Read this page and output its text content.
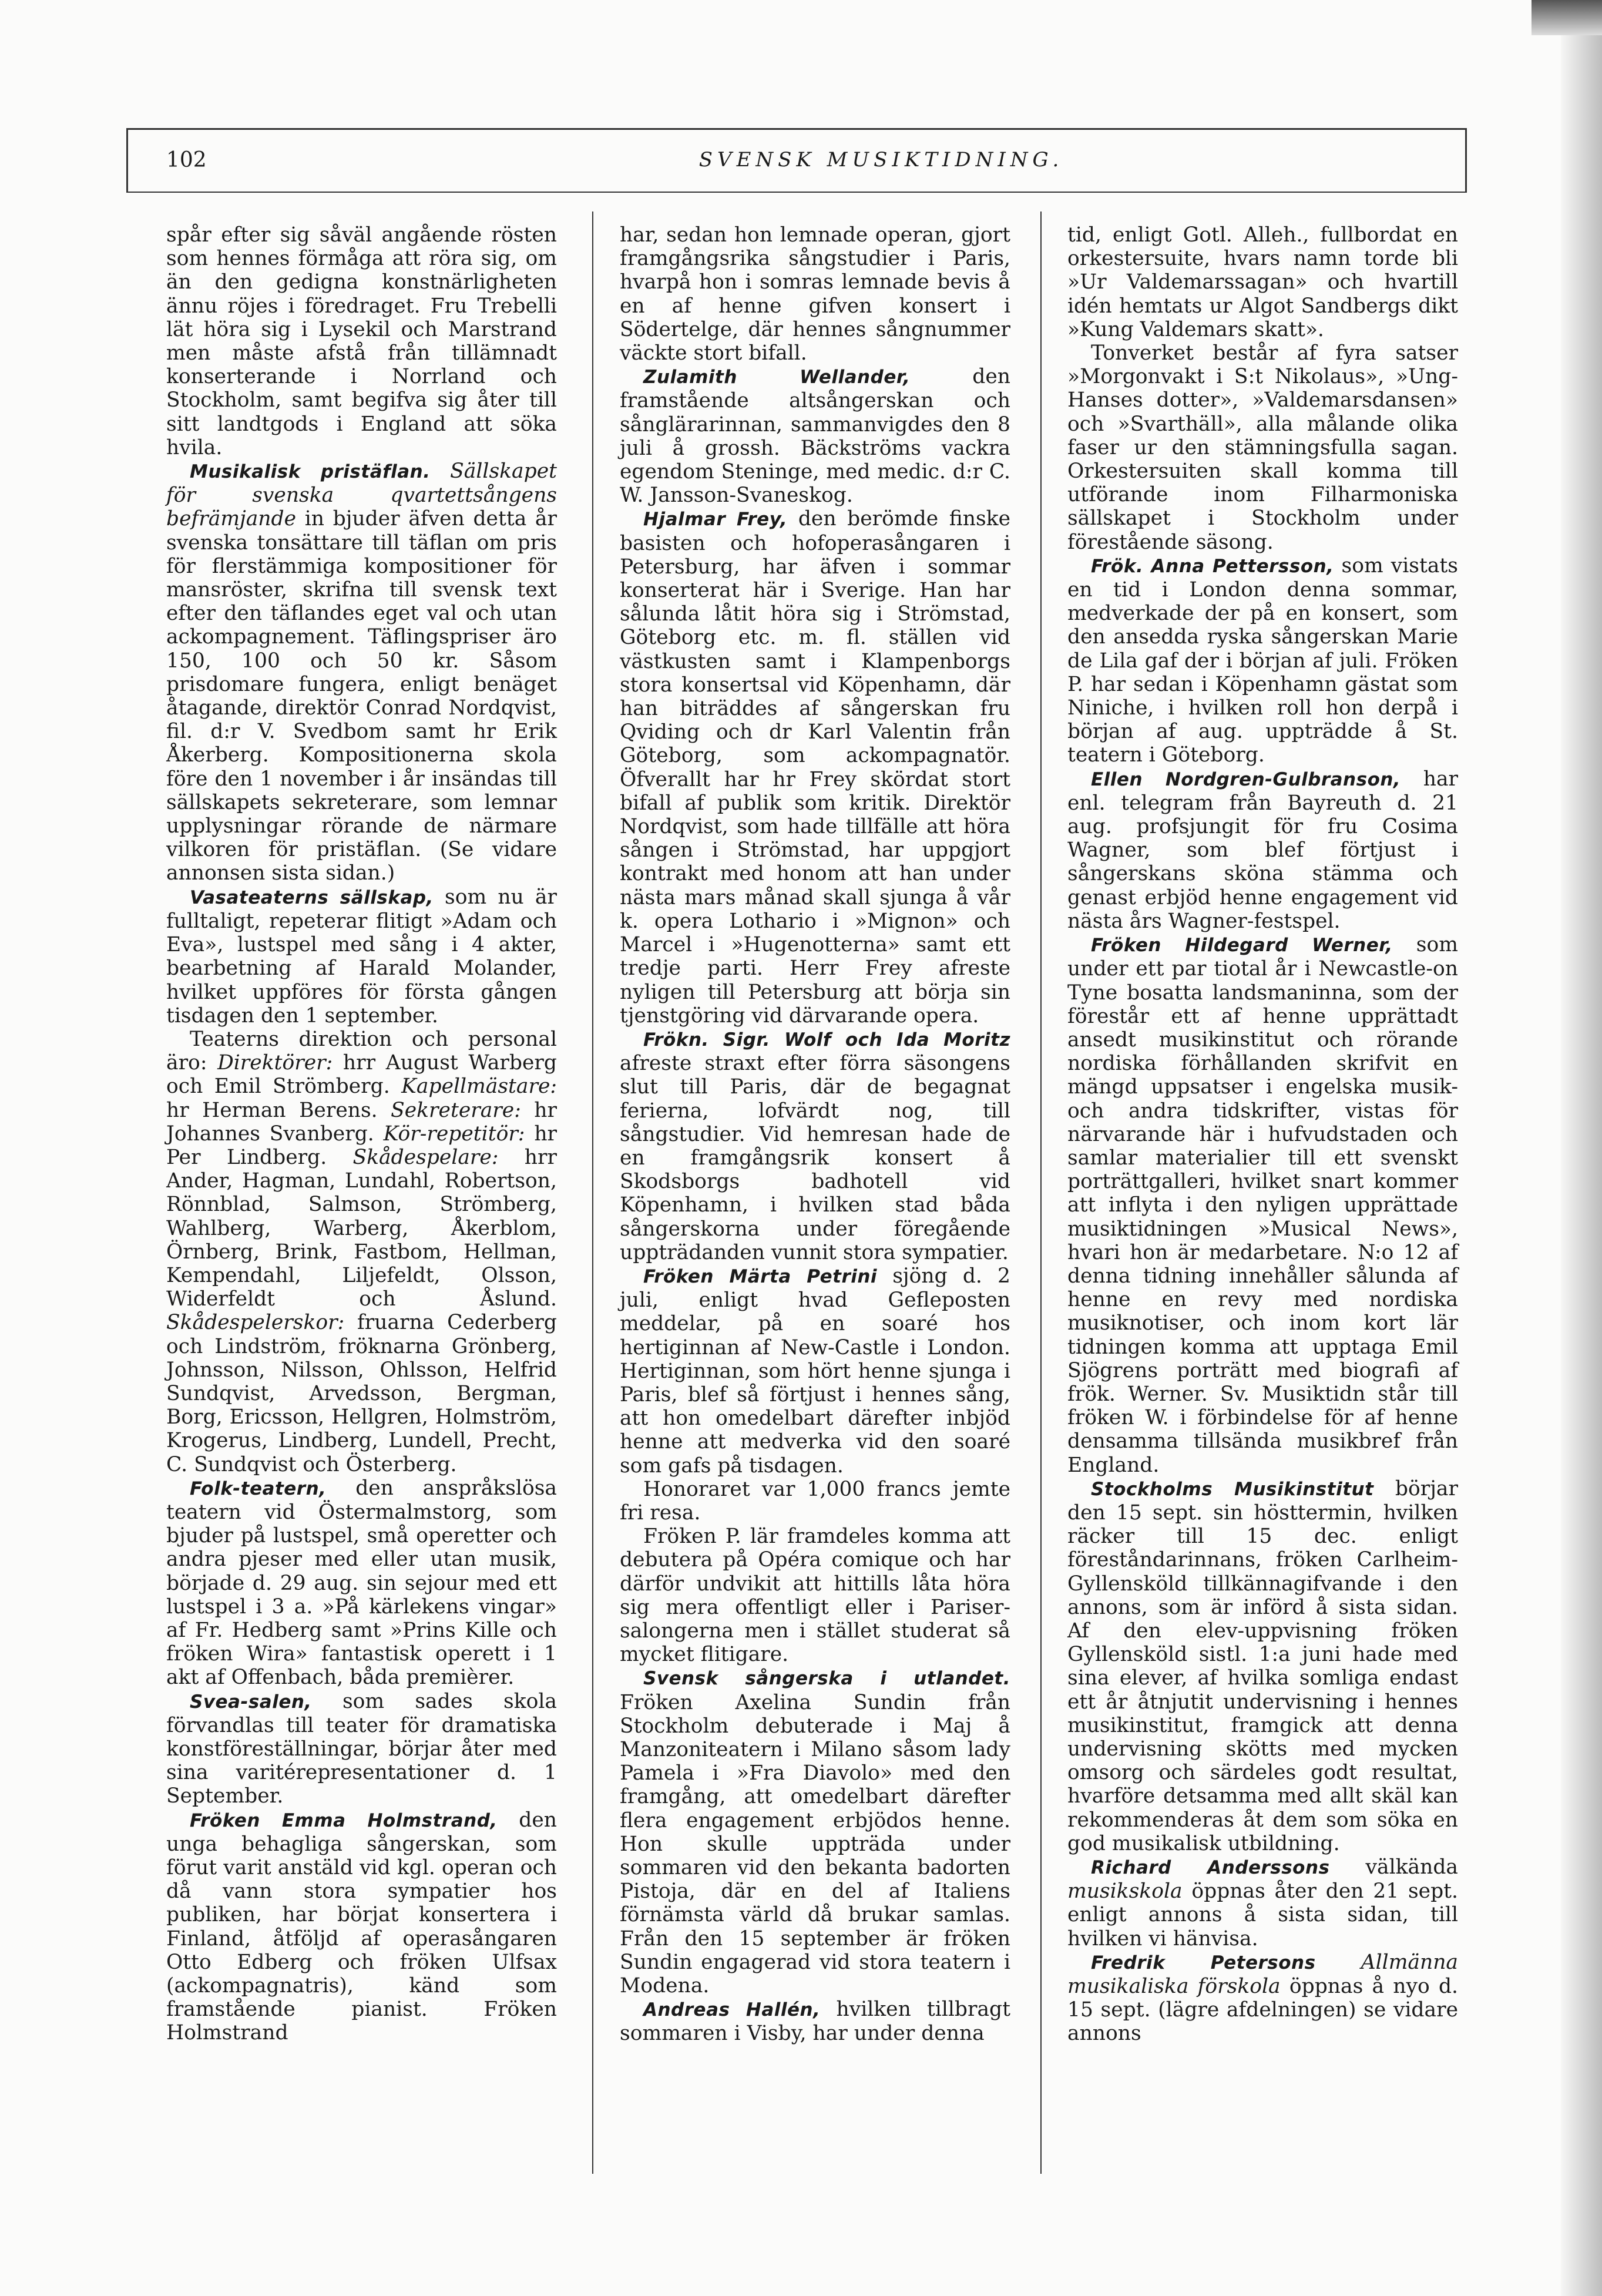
102	SVENSK MUSIKTIDNING.

spår efter sig såväl angående rösten som hennes förmåga att röra sig, om än den gedigna konstnärligheten ännu röjes i föredraget. Fru Trebelli lät höra sig i Lysekil och Marstrand men måste afstå från tillämnadt konserterande i Norrland och Stockholm, samt begifva sig åter till sitt landtgods i England att söka hvila.

Musikalisk pristäflan. Sällskapet för svenska qvartettsångens befrämjande in bjuder äfven detta år svenska tonsättare till täflan om pris för flerstämmiga kompositioner för mansröster, skrifna till svensk text efter den täflandes eget val och utan ackompagnement. Täflingspriser äro 150, 100 och 50 kr. Såsom prisdomare fungera, enligt benäget åtagande, direktör Conrad Nordqvist, fil. d:r V. Svedbom samt hr Erik Åkerberg. Kompositionerna skola före den 1 november i år insändas till sällskapets sekreterare, som lemnar upplysningar rörande de närmare vilkoren för pristäflan. (Se vidare annonsen sista sidan.)

Vasateaterns sällskap, som nu är fulltaligt, repeterar flitigt »Adam och Eva», lustspel med sång i 4 akter, bearbetning af Harald Molander, hvilket uppföres för första gången tisdagen den 1 september.

Teaterns direktion och personal äro: Direktörer: hrr August Warberg och Emil Strömberg. Kapellmästare: hr Herman Berens. Sekreterare: hr Johannes Svanberg. Kör-repetitör: hr Per Lindberg. Skådespelare: hrr Ander, Hagman, Lundahl, Robertson, Rönnblad, Salmson, Strömberg, Wahlberg, Warberg, Åkerblom, Örnberg, Brink, Fastbom, Hellman, Kempendahl, Liljefeldt, Olsson, Widerfeldt och Åslund. Skådespelerskor: fruarna Cederberg och Lindström, fröknarna Grönberg, Johnsson, Nilsson, Ohlsson, Helfrid Sundqvist, Arvedsson, Bergman, Borg, Ericsson, Hellgren, Holmström, Krogerus, Lindberg, Lundell, Precht, C. Sundqvist och Österberg.

Folk-teatern, den anspråkslösa teatern vid Östermalmstorg, som bjuder på lustspel, små operetter och andra pjeser med eller utan musik, började d. 29 aug. sin sejour med ett lustspel i 3 a. »På kärlekens vingar» af Fr. Hedberg samt »Prins Kille och fröken Wira» fantastisk operett i 1 akt af Offenbach, båda premièrer.

Svea-salen, som sades skola förvandlas till teater för dramatiska konstföreställningar, börjar åter med sina varitérepresentationer d. 1 September.

Fröken Emma Holmstrand, den unga behagliga sångerskan, som förut varit anstäld vid kgl. operan och då vann stora sympatier hos publiken, har börjat konsertera i Finland, åtföljd af operasångaren Otto Edberg och fröken Ulfsax (ackompagnatris), känd som framstående pianist. Fröken Holmstrand

har, sedan hon lemnade operan, gjort framgångsrika sångstudier i Paris, hvarpå hon i somras lemnade bevis å en af henne gifven konsert i Södertelge, där hennes sångnummer väckte stort bifall.

Zulamith Wellander,	den framstående altsångerskan och sånglärarinnan, sammanvigdes den 8 juli å grossh. Bäckströms vackra egendom Steninge, med medic. d:r C. W. Jansson-Svaneskog.

Hjalmar Frey, den berömde finske basisten och hofoperasångaren i Petersburg, har äfven i sommar konserterat här i Sverige. Han har sålunda låtit höra sig i Strömstad, Göteborg etc. m. fl. ställen vid västkusten samt i Klampenborgs stora konsertsal vid Köpenhamn, där han biträddes af sångerskan fru Qviding och dr Karl Valentin från Göteborg, som ackompagnatör. Öfverallt har hr Frey skördat stort bifall af publik som kritik. Direktör Nordqvist, som hade tillfälle att höra sången i Strömstad, har uppgjort kontrakt med honom att han under nästa mars månad skall sjunga å vår k. opera Lothario i »Mignon» och Marcel i »Hugenotterna» samt ett tredje parti. Herr Frey afreste nyligen till Petersburg att börja sin tjenstgöring vid därvarande opera.

Frökn. Sigr. Wolf och Ida Moritz afreste straxt efter förra säsongens slut till Paris, där de begagnat ferierna, lofvärdt nog, till sångstudier. Vid hemresan hade de en framgångsrik konsert å Skodsborgs badhotell vid Köpenhamn, i hvilken stad båda sångerskorna under föregående uppträdanden vunnit stora sympatier.

Fröken Märta Petrini sjöng d. 2 juli, enligt hvad Gefleposten meddelar, på en soaré hos hertiginnan af New-Castle i London. Hertiginnan, som hört henne sjunga i Paris, blef så förtjust i hennes sång, att hon omedelbart därefter inbjöd henne att medverka vid den soaré som gafs på tisdagen.

Honoraret var 1,000 francs jemte fri resa.

Fröken P. lär framdeles komma att debutera på Opéra comique och har därför undvikit att hittills låta höra sig mera offentligt eller i Pariser-salongerna men i stället studerat så mycket flitigare.

Svensk sångerska i utlandet. Fröken Axelina Sundin från Stockholm debuterade i Maj å Manzoniteatern i Milano såsom lady Pamela i »Fra Diavolo» med den framgång, att omedelbart därefter flera engagement erbjödos henne. Hon skulle uppträda under sommaren vid den bekanta badorten Pistoja, där en del af Italiens förnämsta värld då brukar samlas. Från den 15 september är fröken Sundin engagerad vid stora teatern i Modena.

Andreas Hallén, hvilken tillbragt sommaren i Visby, har under denna

tid, enligt Gotl. Alleh., fullbordat en orkestersuite, hvars namn torde bli »Ur Valdemarssagan» och hvartill idén hemtats ur Algot Sandbergs dikt »Kung Valdemars skatt».

Tonverket består af fyra satser »Morgonvakt i S:t Nikolaus», »Ung-Hanses dotter», »Valdemarsdansen» och »Svarthäll», alla målande olika faser ur den stämningsfulla sagan. Orkestersuiten skall komma till utförande inom Filharmoniska sällskapet i Stockholm under förestående säsong.

Frök. Anna Pettersson, som vistats en tid i London denna sommar, medverkade der på en konsert, som den ansedda ryska sångerskan Marie de Lila gaf der i början af juli. Fröken P. har sedan i Köpenhamn gästat som Niniche, i hvilken roll hon derpå i början af aug. uppträdde å St. teatern i Göteborg.

Ellen Nordgren-Gulbranson, har enl. telegram från Bayreuth d. 21 aug. profsjungit för fru Cosima Wagner, som blef förtjust i sångerskans sköna stämma och genast erbjöd henne engagement vid nästa års Wagner-festspel.

Fröken Hildegard Werner, som under ett par tiotal år i Newcastle-on Tyne bosatta landsmaninna, som der förestår ett af henne upprättadt ansedt musikinstitut och rörande nordiska förhållanden skrifvit en mängd uppsatser i engelska musik- och andra tidskrifter, vistas för närvarande här i hufvudstaden och samlar materialier till ett svenskt porträttgalleri, hvilket snart kommer att inflyta i den nyligen upprättade musiktidningen »Musical News», hvari hon är medarbetare. N:o 12 af denna tidning innehåller sålunda af henne en revy med nordiska musiknotiser, och inom kort lär tidningen komma att upptaga Emil Sjögrens porträtt med biografi af frök. Werner. Sv. Musiktidn står till fröken W. i förbindelse för af henne densamma tillsända musikbref från England.

Stockholms Musikinstitut börjar den 15 sept. sin hösttermin, hvilken räcker till 15 dec. enligt föreståndarinnans, fröken Carlheim-Gyllensköld tillkännagifvande i den annons, som är införd å sista sidan. Af den elev-uppvisning fröken Gyllensköld sistl. 1:a juni hade med sina elever, af hvilka somliga endast ett år åtnjutit undervisning i hennes musikinstitut, framgick att denna undervisning skötts med mycken omsorg och särdeles godt resultat, hvarföre detsamma med allt skäl kan rekommenderas åt dem som söka en god musikalisk utbildning.

Richard Anderssons välkända musikskola öppnas åter den 21 sept. enligt annons å sista sidan, till hvilken vi hänvisa.

Fredrik Petersons Allmänna musikaliska förskola öppnas å nyo d. 15 sept. (lägre afdelningen) se vidare annons
